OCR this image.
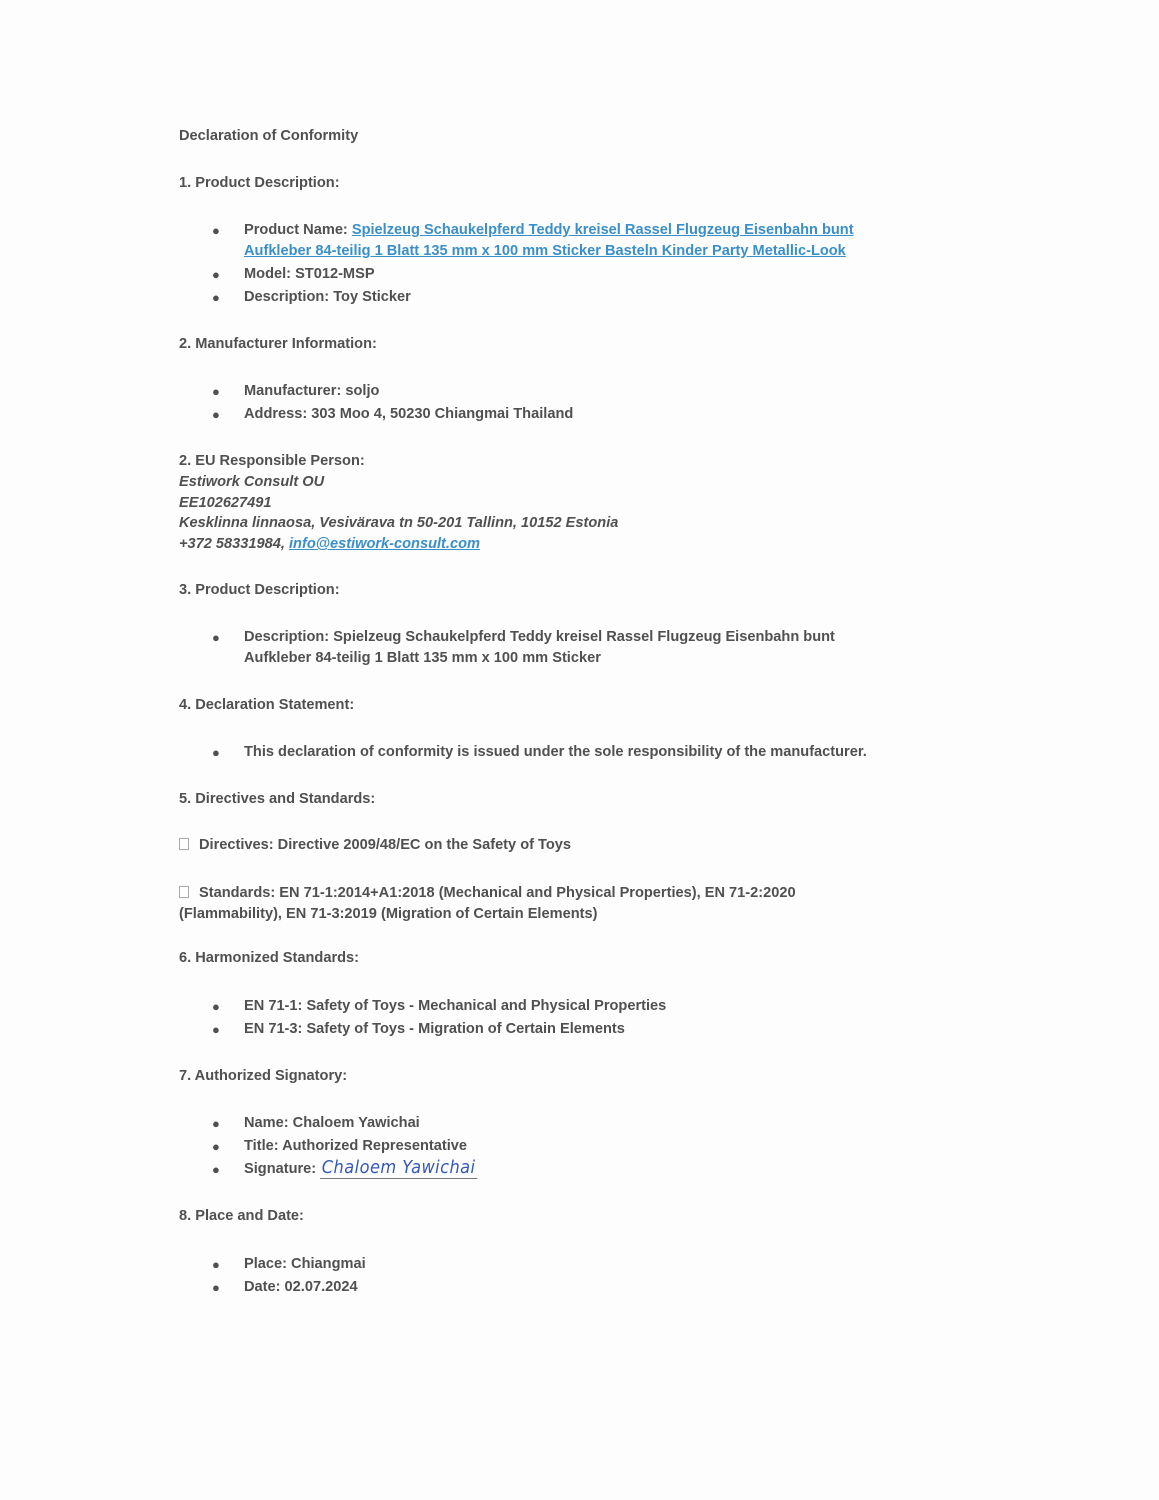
Declaration of Conformity
1. Product Description:
● Product Name: Spielzeug Schaukelpferd Teddy kreisel Rassel Flugzeug Eisenbahn bunt
Aufkleber 84-teilig 1 Blatt 135 mm x 100 mm Sticker Basteln Kinder Party Metallic-Look
● Model: ST012-MSP
● Description: Toy Sticker
2. Manufacturer Information:
● Manufacturer: soljo
● Address: 303 Moo 4, 50230 Chiangmai Thailand
2. EU Responsible Person:
Estiwork Consult OU
EE102627491
Kesklinna linnaosa, Vesivärava tn 50-201 Tallinn, 10152 Estonia
+372 58331984, info@estiwork-consult.com
3. Product Description:
● Description: Spielzeug Schaukelpferd Teddy kreisel Rassel Flugzeug Eisenbahn bunt
Aufkleber 84-teilig 1 Blatt 135 mm x 100 mm Sticker
4. Declaration Statement:
● This declaration of conformity is issued under the sole responsibility of the manufacturer.
5. Directives and Standards:
Directives: Directive 2009/48/EC on the Safety of Toys
Standards: EN 71-1:2014+A1:2018 (Mechanical and Physical Properties), EN 71-2:2020
(Flammability), EN 71-3:2019 (Migration of Certain Elements)
6. Harmonized Standards:
● EN 71-1: Safety of Toys - Mechanical and Physical Properties
● EN 71-3: Safety of Toys - Migration of Certain Elements
7. Authorized Signatory:
● Name: Chaloem Yawichai
● Title: Authorized Representative
● Signature: Chaloem Yawichai
8. Place and Date:
● Place: Chiangmai
● Date: 02.07.2024
